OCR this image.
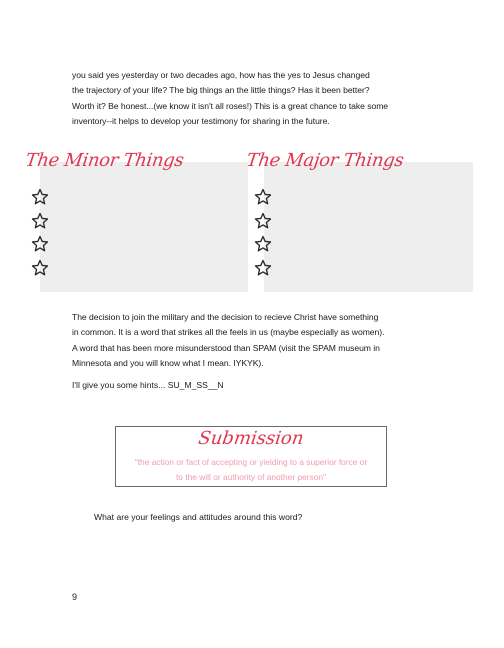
you said yes yesterday or two decades ago, how has the yes to Jesus changed

the trajectory of your life? The big things an the little things? Has it been better?

Worth it? Be honest...(we know it isn't all roses!) This is a great chance to take some

inventory--it helps to develop your testimony for sharing in the future.

The Minor Things	The Major Things

The decision to join the military and the decision to recieve Christ have something

in common. It is a word that strikes all the feels in us (maybe especially as women).

A word that has been more misunderstood than SPAM (visit the SPAM museum in

Minnesota and you will know what I mean. IYKYK).

I'll give you some hints... SU_M_SS__N
Submission
"the action or fact of accepting or yielding to a superior force or
to the will or authority of another person"
What are your feelings and attitudes around this word?
9
